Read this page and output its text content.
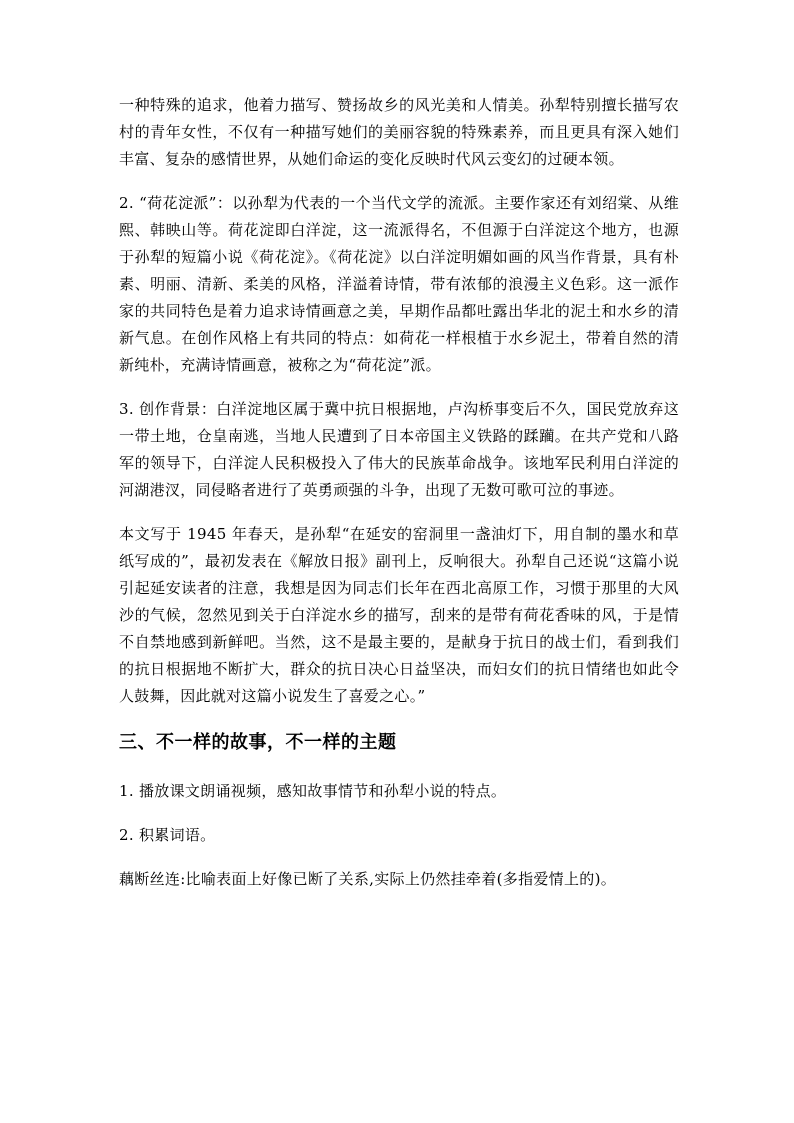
一种特殊的追求，他着力描写、赞扬故乡的风光美和人情美。孙犁特别擅长描写农村的青年女性，不仅有一种描写她们的美丽容貌的特殊素养，而且更具有深入她们丰富、复杂的感情世界，从她们命运的变化反映时代风云变幻的过硬本领。

2. “荷花淀派”：以孙犁为代表的一个当代文学的流派。主要作家还有刘绍棠、从维熙、韩映山等。荷花淀即白洋淀，这一流派得名，不但源于白洋淀这个地方，也源于孙犁的短篇小说《荷花淀》。《荷花淀》以白洋淀明媚如画的风当作背景，具有朴素、明丽、清新、柔美的风格，洋溢着诗情，带有浓郁的浪漫主义色彩。这一派作家的共同特色是着力追求诗情画意之美，早期作品都吐露出华北的泥土和水乡的清新气息。在创作风格上有共同的特点：如荷花一样根植于水乡泥土，带着自然的清新纯朴，充满诗情画意，被称之为“荷花淀”派。

3. 创作背景：白洋淀地区属于冀中抗日根据地，卢沟桥事变后不久，国民党放弃这一带土地，仓皇南逃，当地人民遭到了日本帝国主义铁路的蹂躏。在共产党和八路军的领导下，白洋淀人民积极投入了伟大的民族革命战争。该地军民利用白洋淀的河湖港汊，同侵略者进行了英勇顽强的斗争，出现了无数可歌可泣的事迹。

本文写于 1945 年春天，是孙犁“在延安的窑洞里一盏油灯下，用自制的墨水和草纸写成的”，最初发表在《解放日报》副刊上，反响很大。孙犁自己还说“这篇小说引起延安读者的注意，我想是因为同志们长年在西北高原工作，习惯于那里的大风沙的气候，忽然见到关于白洋淀水乡的描写，刮来的是带有荷花香味的风，于是情不自禁地感到新鲜吧。当然，这不是最主要的，是献身于抗日的战士们，看到我们的抗日根据地不断扩大，群众的抗日决心日益坚决，而妇女们的抗日情绪也如此令人鼓舞，因此就对这篇小说发生了喜爱之心。”

三、不一样的故事，不一样的主题

1. 播放课文朗诵视频，感知故事情节和孙犁小说的特点。

2. 积累词语。

藕断丝连:比喻表面上好像已断了关系,实际上仍然挂牵着(多指爱情上的)。
